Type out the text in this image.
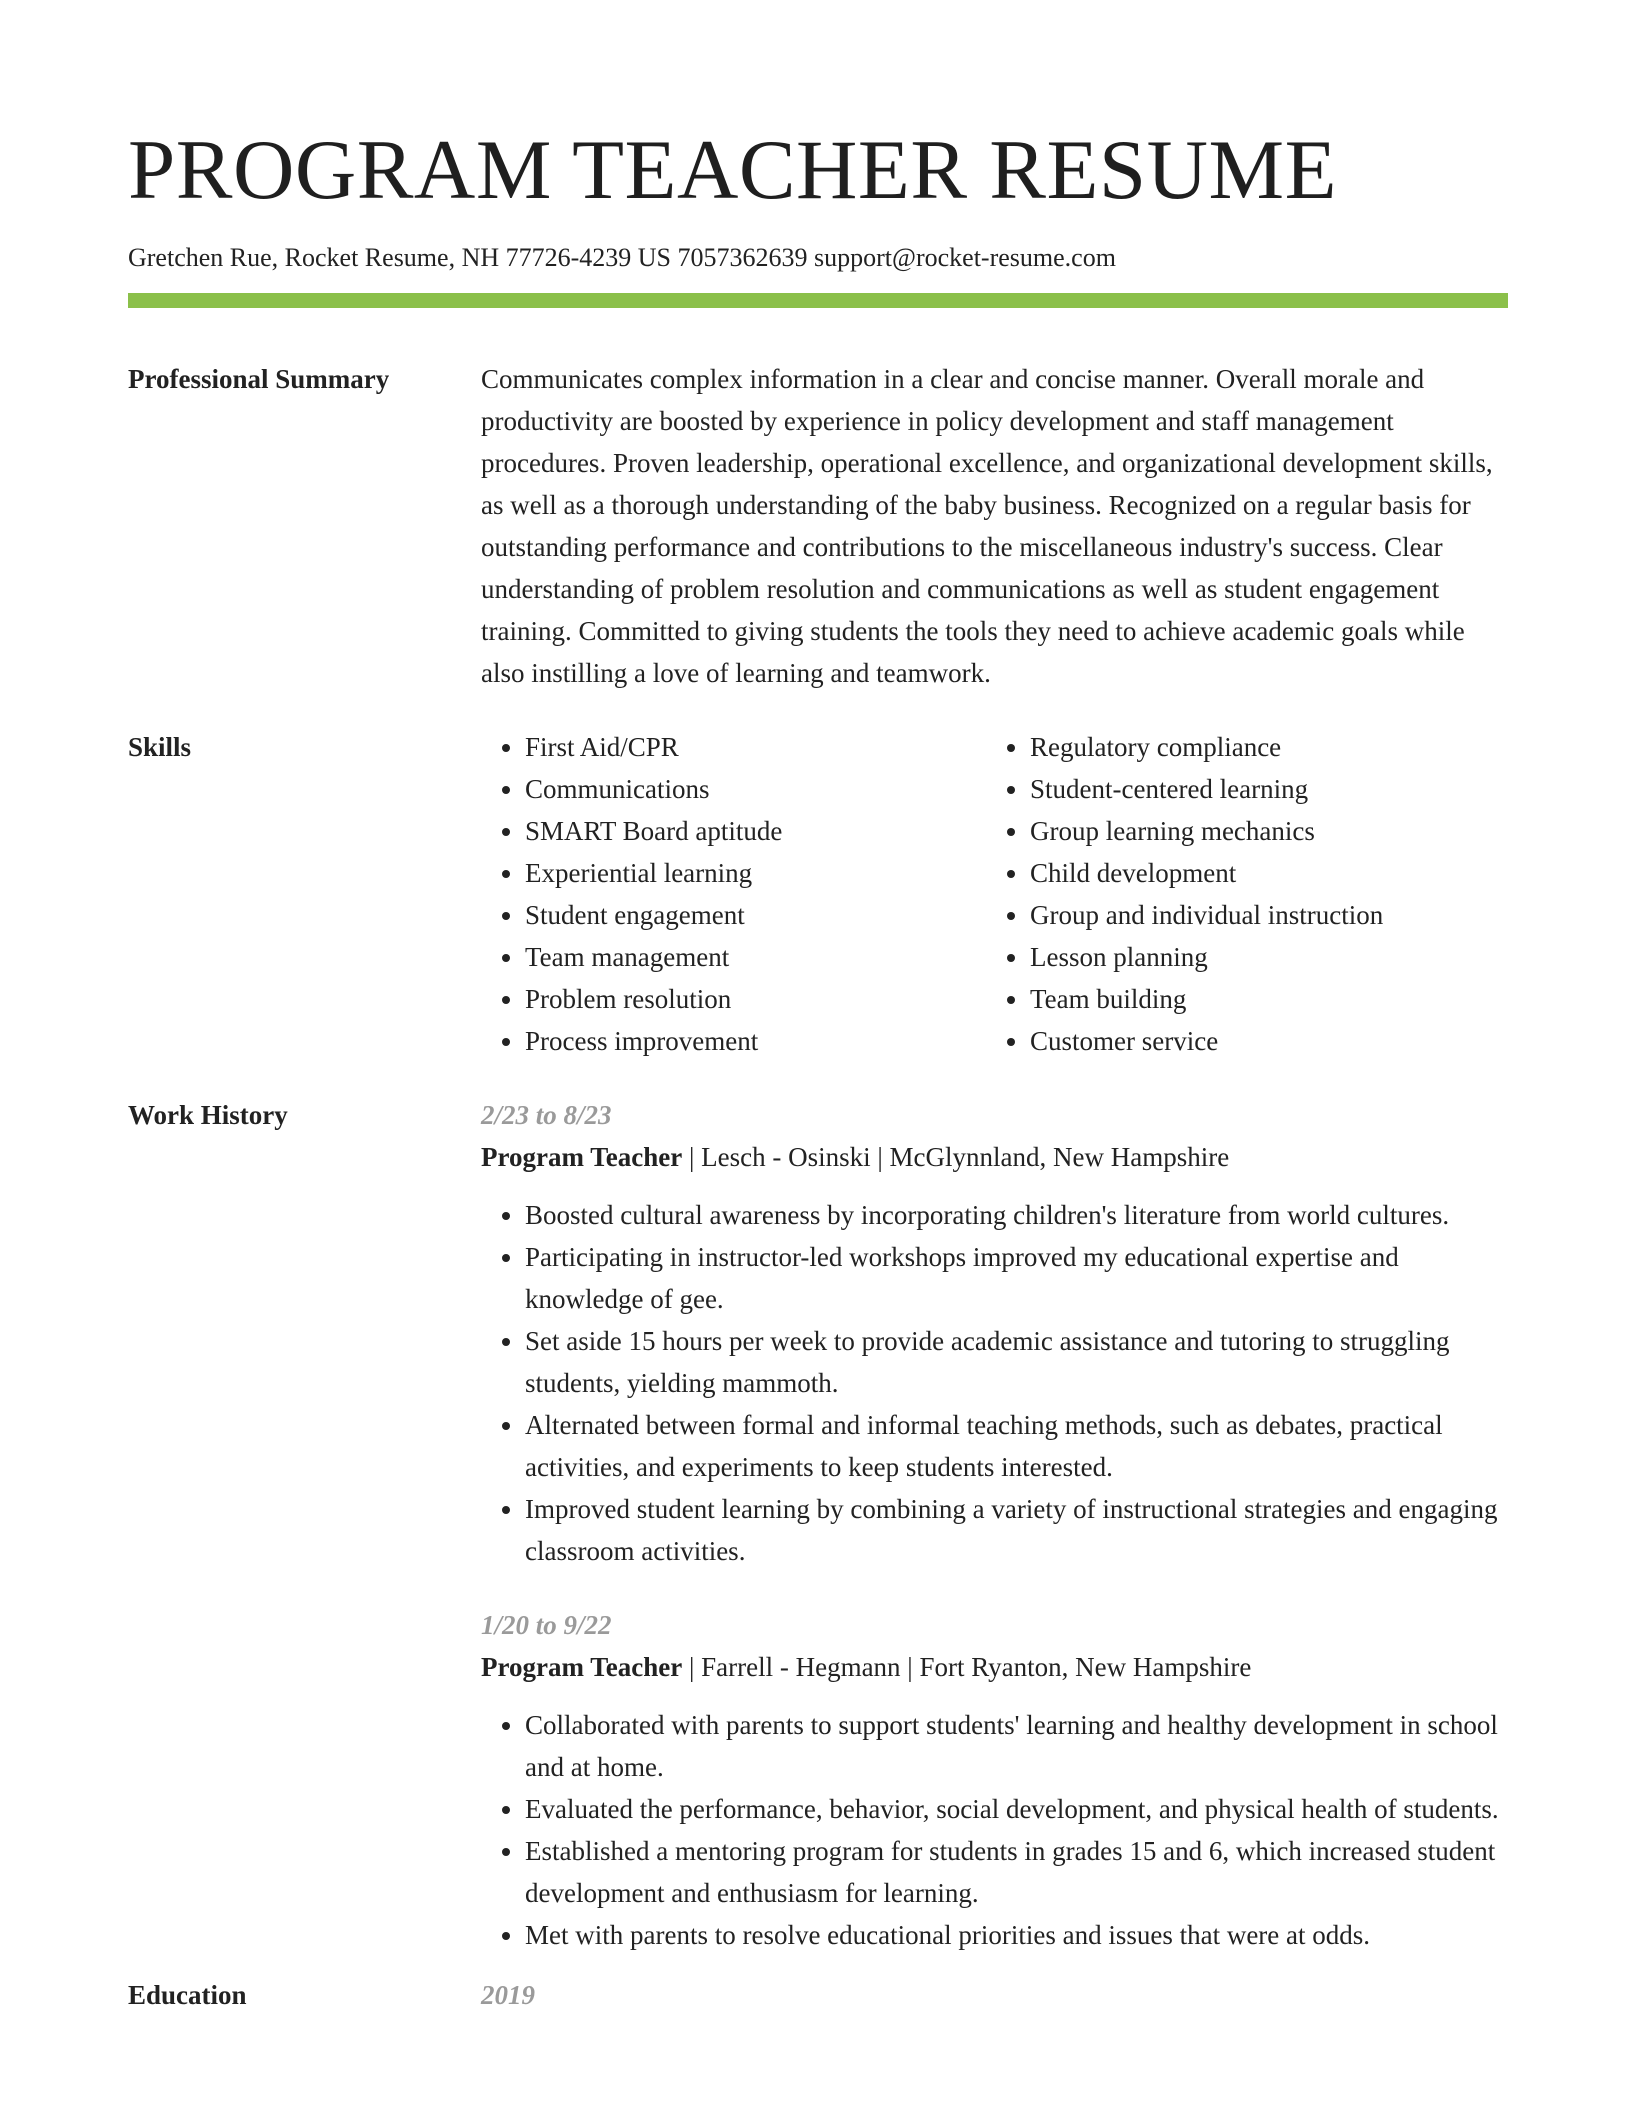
PROGRAM TEACHER RESUME
Gretchen Rue, Rocket Resume, NH 77726-4239 US 7057362639 support@rocket-resume.com
Professional Summary	Communicates complex information in a clear and concise manner. Overall morale and productivity are boosted by experience in policy development and staff management procedures. Proven leadership, operational excellence, and organizational development skills, as well as a thorough understanding of the baby business. Recognized on a regular basis for outstanding performance and contributions to the miscellaneous industry's success. Clear understanding of problem resolution and communications as well as student engagement training. Committed to giving students the tools they need to achieve academic goals while also instilling a love of learning and teamwork.

Skills
•	First Aid/CPR
• Communications
• SMART Board aptitude
• Experiential learning
• Student engagement
• Team management
• Problem resolution
• Process improvement
• Regulatory compliance
• Student-centered learning
• Group learning mechanics
• Child development
• Group and individual instruction
• Lesson planning
• Team building
• Customer service
Work History	2/23 to 8/23
Program Teacher | Lesch - Osinski | McGlynnland, New Hampshire
• Boosted cultural awareness by incorporating children's literature from world cultures.
• Participating in instructor-led workshops improved my educational expertise and knowledge of gee.
• Set aside 15 hours per week to provide academic assistance and tutoring to struggling students, yielding mammoth.
• Alternated between formal and informal teaching methods, such as debates, practical activities, and experiments to keep students interested.
• Improved student learning by combining a variety of instructional strategies and engaging classroom activities.
1/20 to 9/22
Program Teacher | Farrell - Hegmann | Fort Ryanton, New Hampshire
• Collaborated with parents to support students' learning and healthy development in school and at home.
• Evaluated the performance, behavior, social development, and physical health of students.
• Established a mentoring program for students in grades 15 and 6, which increased student development and enthusiasm for learning.
• Met with parents to resolve educational priorities and issues that were at odds.
Education	2019
